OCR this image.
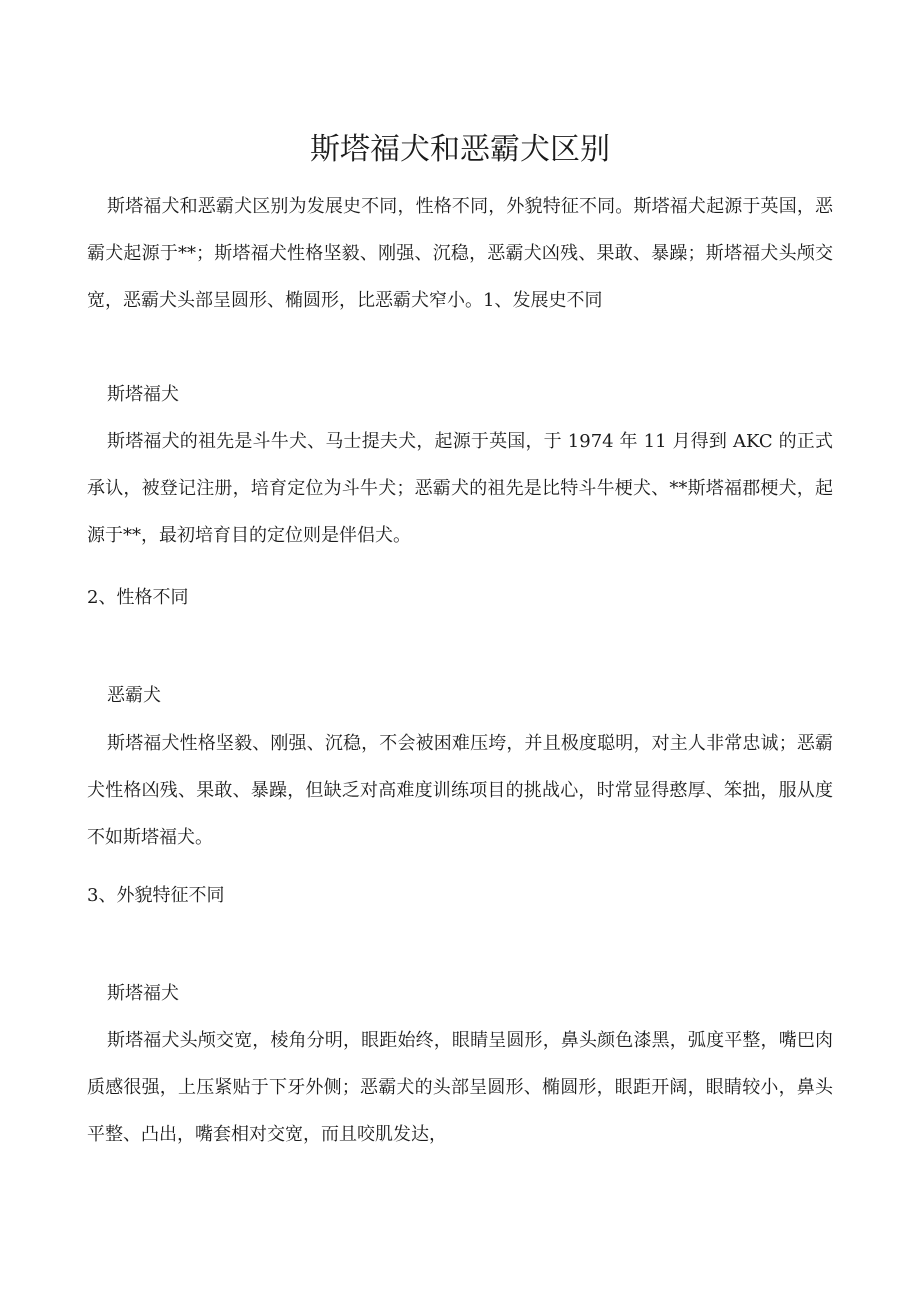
斯塔福犬和恶霸犬区别

斯塔福犬和恶霸犬区别为发展史不同，性格不同，外貌特征不同。斯塔福犬起源于英国，恶霸犬起源于**；斯塔福犬性格坚毅、刚强、沉稳，恶霸犬凶残、果敢、暴躁；斯塔福犬头颅交宽，恶霸犬头部呈圆形、椭圆形，比恶霸犬窄小。1、发展史不同

斯塔福犬

斯塔福犬的祖先是斗牛犬、马士提夫犬，起源于英国，于 1974 年 11 月得到 AKC 的正式承认，被登记注册，培育定位为斗牛犬；恶霸犬的祖先是比特斗牛梗犬、**斯塔福郡梗犬，起源于**，最初培育目的定位则是伴侣犬。

2、性格不同

恶霸犬

斯塔福犬性格坚毅、刚强、沉稳，不会被困难压垮，并且极度聪明，对主人非常忠诚；恶霸犬性格凶残、果敢、暴躁，但缺乏对高难度训练项目的挑战心，时常显得憨厚、笨拙，服从度不如斯塔福犬。

3、外貌特征不同

斯塔福犬

斯塔福犬头颅交宽，棱角分明，眼距始终，眼睛呈圆形，鼻头颜色漆黑，弧度平整，嘴巴肉质感很强，上压紧贴于下牙外侧；恶霸犬的头部呈圆形、椭圆形，眼距开阔，眼睛较小，鼻头平整、凸出，嘴套相对交宽，而且咬肌发达，
